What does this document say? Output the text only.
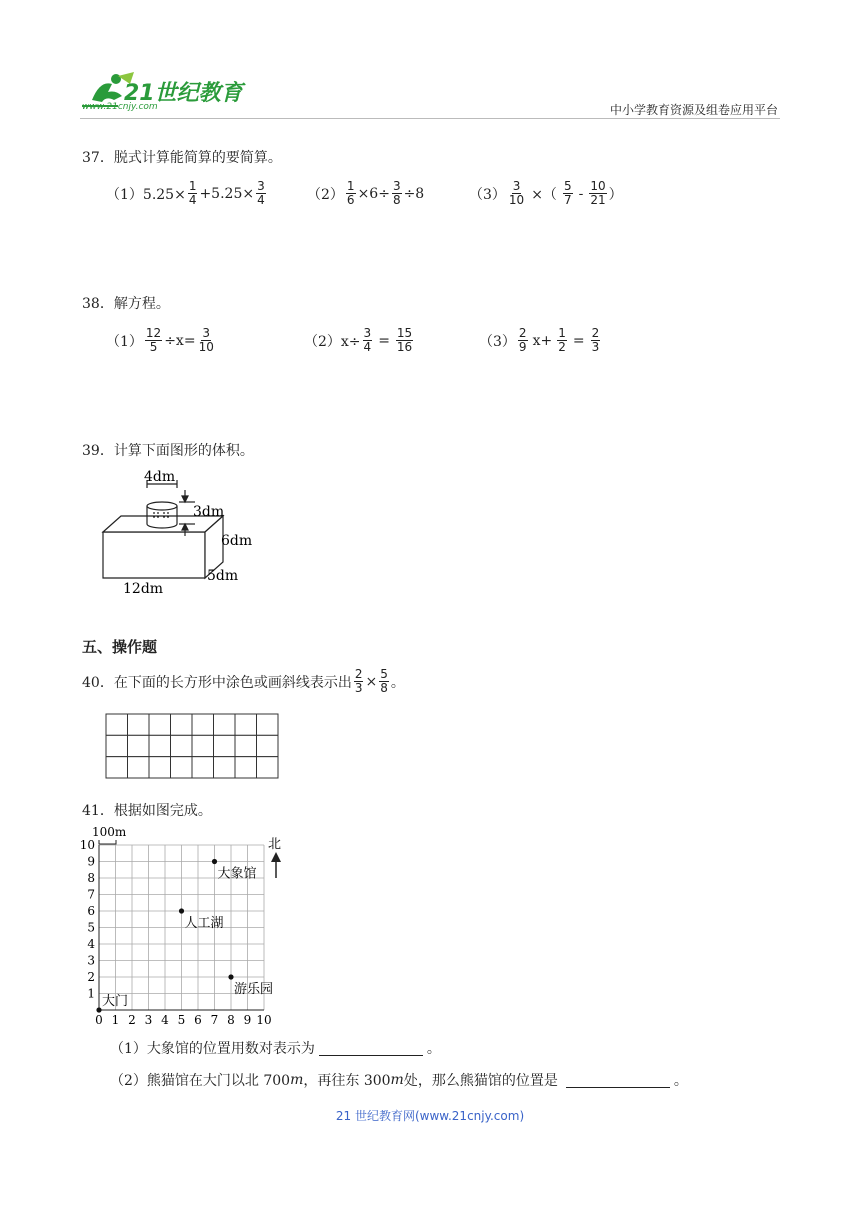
21世纪教育
www.21cnjy.com	中小学教育资源及组卷应用平台
37．脱式计算能简算的要简算。
$(1)5.25\times \frac{1}{4} +5.25\times \frac{3}{4}$	$(2) \frac{1}{6} \times 6\div \frac{3}{8} \div 8$	$(3) \frac{3}{10}$ ×（ $\frac{5}{7} - \frac{10}{21}$ ）
38．解方程。
$(1) \frac{12}{5} \div x= \frac{3}{10}$	$(2)x\div \frac{3}{4} = \frac{15}{16}$	$(3) \frac{2}{9} x+ \frac{1}{2} = \frac{2}{3}$
39．计算下面图形的体积。
4dm
3dm
6dm
5dm
12dm
五、操作题
40．在下面的长方形中涂色或画斜线表示出 $\frac{2}{3} \times \frac{5}{8}$ 。
41．根据如图完成。
100m
北
0 1 2 3 4 5 6 7 8 9 10
1
2
3
4
5
6
7
8
9
10
大象馆
人工湖
游乐园
大门
（1）大象馆的位置用数对表示为	。
（2）熊猫馆在大门以北 700 m ，再往东 300 m 处，那么熊猫馆的位置是	。
21 世纪教育网(www.21cnjy.com)
